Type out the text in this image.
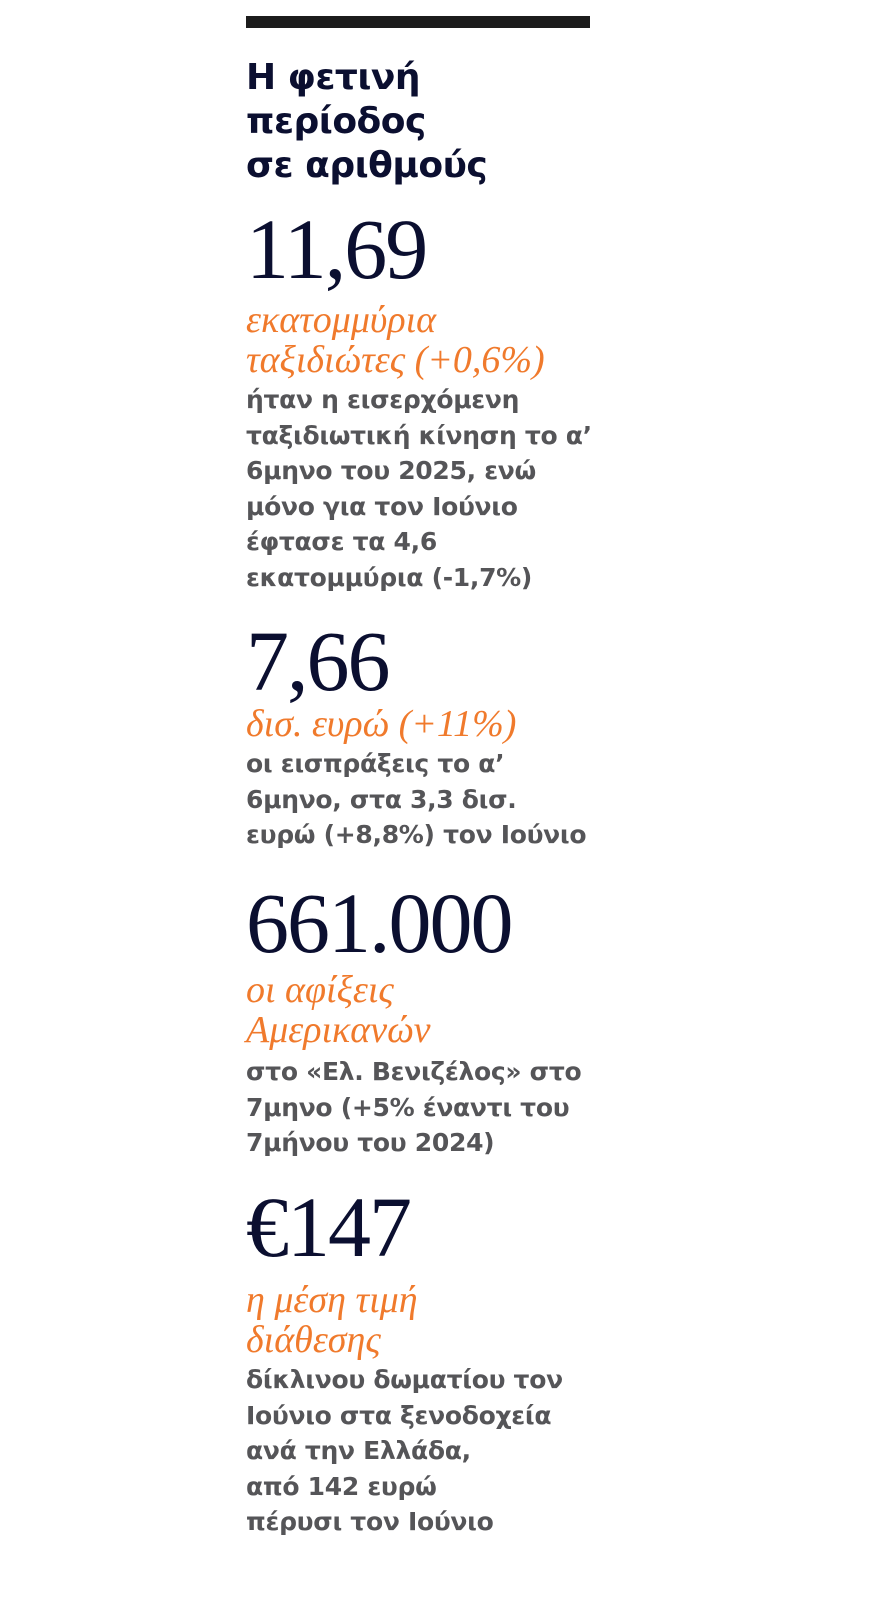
Η φετινή
περίοδος
σε αριθμούς
11,69
εκατομμύρια
ταξιδιώτες (+0,6%)
ήταν η εισερχόμενη
ταξιδιωτική κίνηση το α’
6μηνο του 2025, ενώ
μόνο για τον Ιούνιο
έφτασε τα 4,6
εκατομμύρια (-1,7%)
7,66
δισ. ευρώ (+11%)
οι εισπράξεις το α’
6μηνο, στα 3,3 δισ.
ευρώ (+8,8%) τον Ιούνιο
661.000
οι αφίξεις
Αμερικανών
στο «Ελ. Βενιζέλος» στο
7μηνο (+5% έναντι του
7μήνου του 2024)
€147
η μέση τιμή
διάθεσης
δίκλινου δωματίου τον
Ιούνιο στα ξενοδοχεία
ανά την Ελλάδα,
από 142 ευρώ
πέρυσι τον Ιούνιο
